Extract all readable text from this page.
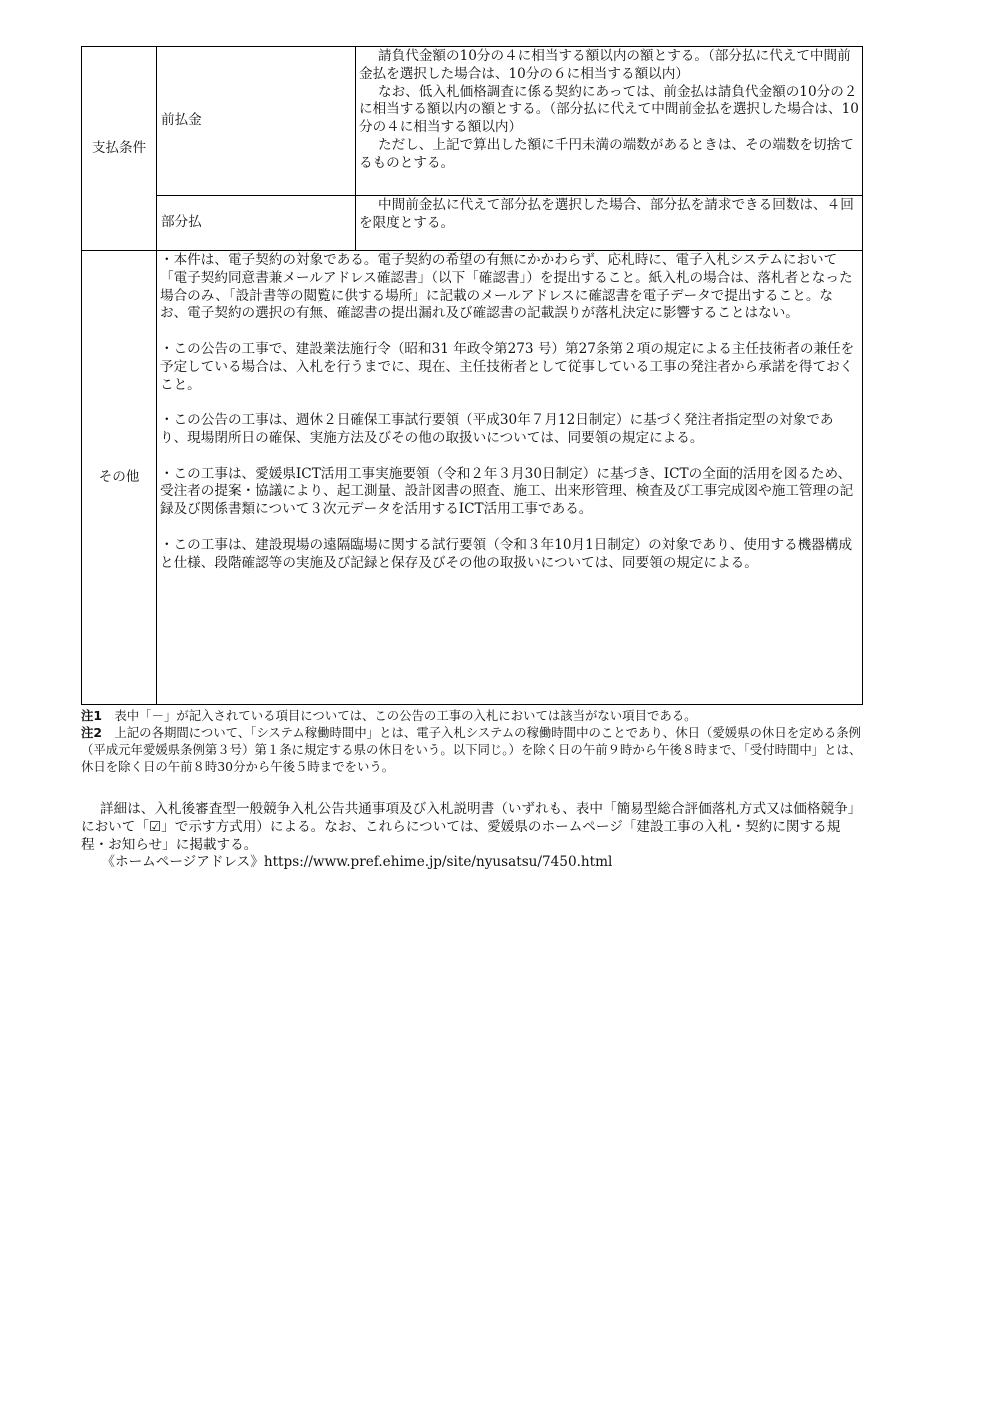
支払条件	前払金	請負代金額の10分の４に相当する額以内の額とする。（部分払に代えて中間前金払を選択した場合は、10分の６に相当する額以内）

なお、低入札価格調査に係る契約にあっては、前金払は請負代金額の10分の２に相当する額以内の額とする。（部分払に代えて中間前金払を選択した場合は、10分の４に相当する額以内）

ただし、上記で算出した額に千円未満の端数があるときは、その端数を切捨てるものとする。

	部分払	中間前金払に代えて部分払を選択した場合、部分払を請求できる回数は、４回を限度とする。

その他	・本件は、電子契約の対象である。電子契約の希望の有無にかかわらず、応札時に、電子入札システムにおいて「電子契約同意書兼メールアドレス確認書」（以下「確認書」）を提出すること。紙入札の場合は、落札者となった場合のみ、「設計書等の閲覧に供する場所」に記載のメールアドレスに確認書を電子データで提出すること。なお、電子契約の選択の有無、確認書の提出漏れ及び確認書の記載誤りが落札決定に影響することはない。

・この公告の工事で、建設業法施行令（昭和31 年政令第273 号）第27条第２項の規定による主任技術者の兼任を予定している場合は、入札を行うまでに、現在、主任技術者として従事している工事の発注者から承諾を得ておくこと。

・この公告の工事は、週休２日確保工事試行要領（平成30年７月12日制定）に基づく発注者指定型の対象であり、現場閉所日の確保、実施方法及びその他の取扱いについては、同要領の規定による。

・この工事は、愛媛県ICT活用工事実施要領（令和２年３月30日制定）に基づき、ICTの全面的活用を図るため、受注者の提案・協議により、起工測量、設計図書の照査、施工、出来形管理、検査及び工事完成図や施工管理の記録及び関係書類について３次元データを活用するICT活用工事である。

・この工事は、建設現場の遠隔臨場に関する試行要領（令和３年10月1日制定）の対象であり、使用する機器構成と仕様、段階確認等の実施及び記録と保存及びその他の取扱いについては、同要領の規定による。	

注1　 表中「－」が記入されている項目については、この公告の工事の入札においては該当がない項目である。

注2　 上記の各期間について、「システム稼働時間中」とは、電子入札システムの稼働時間中のことであり、休日（愛媛県の休日を定める条例（平成元年愛媛県条例第３号）第１条に規定する県の休日をいう。以下同じ。）を除く日の午前９時から午後８時まで、「受付時間中」とは、休日を除く日の午前８時30分から午後５時までをいう。

詳細は、入札後審査型一般競争入札公告共通事項及び入札説明書（いずれも、表中「簡易型総合評価落札方式又は価格競争」において「☑」で示す方式用）による。なお、これらについては、愛媛県のホームページ「建設工事の入札・契約に関する規程・お知らせ」に掲載する。

《ホームページアドレス》https://www.pref.ehime.jp/site/nyusatsu/7450.html
